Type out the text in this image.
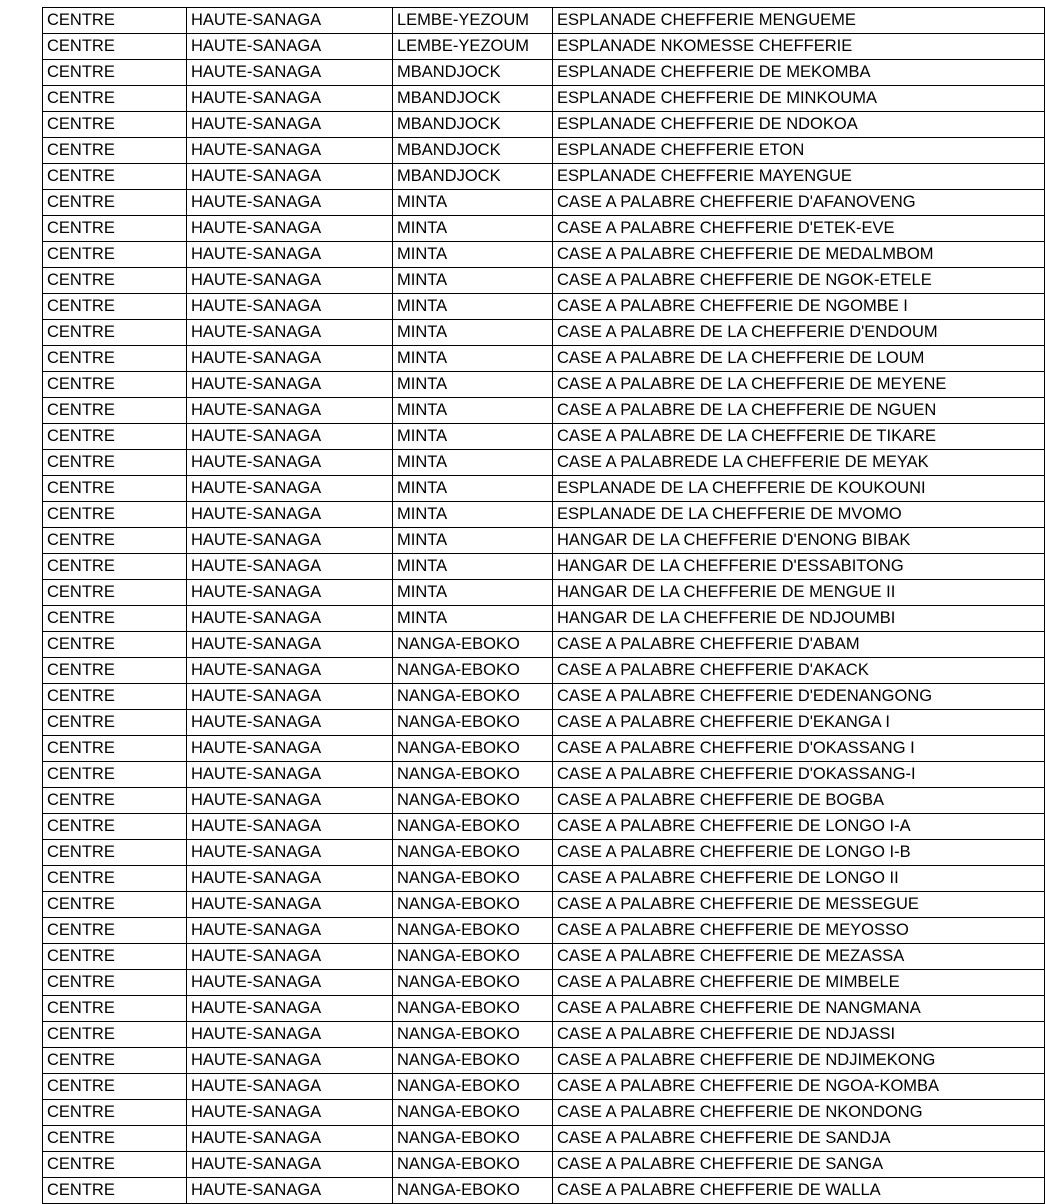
CENTRE	HAUTE-SANAGA	LEMBE-YEZOUM	ESPLANADE CHEFFERIE MENGUEME
CENTRE	HAUTE-SANAGA	LEMBE-YEZOUM	ESPLANADE NKOMESSE CHEFFERIE
CENTRE	HAUTE-SANAGA	MBANDJOCK	ESPLANADE CHEFFERIE DE MEKOMBA
CENTRE	HAUTE-SANAGA	MBANDJOCK	ESPLANADE CHEFFERIE DE MINKOUMA
CENTRE	HAUTE-SANAGA	MBANDJOCK	ESPLANADE CHEFFERIE DE NDOKOA
CENTRE	HAUTE-SANAGA	MBANDJOCK	ESPLANADE CHEFFERIE ETON
CENTRE	HAUTE-SANAGA	MBANDJOCK	ESPLANADE CHEFFERIE MAYENGUE
CENTRE	HAUTE-SANAGA	MINTA	CASE A PALABRE CHEFFERIE D'AFANOVENG
CENTRE	HAUTE-SANAGA	MINTA	CASE A PALABRE CHEFFERIE D'ETEK-EVE
CENTRE	HAUTE-SANAGA	MINTA	CASE A PALABRE CHEFFERIE DE MEDALMBOM
CENTRE	HAUTE-SANAGA	MINTA	CASE A PALABRE CHEFFERIE DE NGOK-ETELE
CENTRE	HAUTE-SANAGA	MINTA	CASE A PALABRE CHEFFERIE DE NGOMBE I
CENTRE	HAUTE-SANAGA	MINTA	CASE A PALABRE DE LA CHEFFERIE D'ENDOUM
CENTRE	HAUTE-SANAGA	MINTA	CASE A PALABRE DE LA CHEFFERIE DE LOUM
CENTRE	HAUTE-SANAGA	MINTA	CASE A PALABRE DE LA CHEFFERIE DE MEYENE
CENTRE	HAUTE-SANAGA	MINTA	CASE A PALABRE DE LA CHEFFERIE DE NGUEN
CENTRE	HAUTE-SANAGA	MINTA	CASE A PALABRE DE LA CHEFFERIE DE TIKARE
CENTRE	HAUTE-SANAGA	MINTA	CASE A PALABREDE LA CHEFFERIE DE MEYAK
CENTRE	HAUTE-SANAGA	MINTA	ESPLANADE DE LA CHEFFERIE DE KOUKOUNI
CENTRE	HAUTE-SANAGA	MINTA	ESPLANADE DE LA CHEFFERIE DE MVOMO
CENTRE	HAUTE-SANAGA	MINTA	HANGAR DE LA CHEFFERIE D'ENONG BIBAK
CENTRE	HAUTE-SANAGA	MINTA	HANGAR DE LA CHEFFERIE D'ESSABITONG
CENTRE	HAUTE-SANAGA	MINTA	HANGAR DE LA CHEFFERIE DE MENGUE II
CENTRE	HAUTE-SANAGA	MINTA	HANGAR DE LA CHEFFERIE DE NDJOUMBI
CENTRE	HAUTE-SANAGA	NANGA-EBOKO	CASE A PALABRE CHEFFERIE D'ABAM
CENTRE	HAUTE-SANAGA	NANGA-EBOKO	CASE A PALABRE CHEFFERIE D'AKACK
CENTRE	HAUTE-SANAGA	NANGA-EBOKO	CASE A PALABRE CHEFFERIE D'EDENANGONG
CENTRE	HAUTE-SANAGA	NANGA-EBOKO	CASE A PALABRE CHEFFERIE D'EKANGA I
CENTRE	HAUTE-SANAGA	NANGA-EBOKO	CASE A PALABRE CHEFFERIE D'OKASSANG I
CENTRE	HAUTE-SANAGA	NANGA-EBOKO	CASE A PALABRE CHEFFERIE D'OKASSANG-I
CENTRE	HAUTE-SANAGA	NANGA-EBOKO	CASE A PALABRE CHEFFERIE DE BOGBA
CENTRE	HAUTE-SANAGA	NANGA-EBOKO	CASE A PALABRE CHEFFERIE DE LONGO I-A
CENTRE	HAUTE-SANAGA	NANGA-EBOKO	CASE A PALABRE CHEFFERIE DE LONGO I-B
CENTRE	HAUTE-SANAGA	NANGA-EBOKO	CASE A PALABRE CHEFFERIE DE LONGO II
CENTRE	HAUTE-SANAGA	NANGA-EBOKO	CASE A PALABRE CHEFFERIE DE MESSEGUE
CENTRE	HAUTE-SANAGA	NANGA-EBOKO	CASE A PALABRE CHEFFERIE DE MEYOSSO
CENTRE	HAUTE-SANAGA	NANGA-EBOKO	CASE A PALABRE CHEFFERIE DE MEZASSA
CENTRE	HAUTE-SANAGA	NANGA-EBOKO	CASE A PALABRE CHEFFERIE DE MIMBELE
CENTRE	HAUTE-SANAGA	NANGA-EBOKO	CASE A PALABRE CHEFFERIE DE NANGMANA
CENTRE	HAUTE-SANAGA	NANGA-EBOKO	CASE A PALABRE CHEFFERIE DE NDJASSI
CENTRE	HAUTE-SANAGA	NANGA-EBOKO	CASE A PALABRE CHEFFERIE DE NDJIMEKONG
CENTRE	HAUTE-SANAGA	NANGA-EBOKO	CASE A PALABRE CHEFFERIE DE NGOA-KOMBA
CENTRE	HAUTE-SANAGA	NANGA-EBOKO	CASE A PALABRE CHEFFERIE DE NKONDONG
CENTRE	HAUTE-SANAGA	NANGA-EBOKO	CASE A PALABRE CHEFFERIE DE SANDJA
CENTRE	HAUTE-SANAGA	NANGA-EBOKO	CASE A PALABRE CHEFFERIE DE SANGA
CENTRE	HAUTE-SANAGA	NANGA-EBOKO	CASE A PALABRE CHEFFERIE DE WALLA
